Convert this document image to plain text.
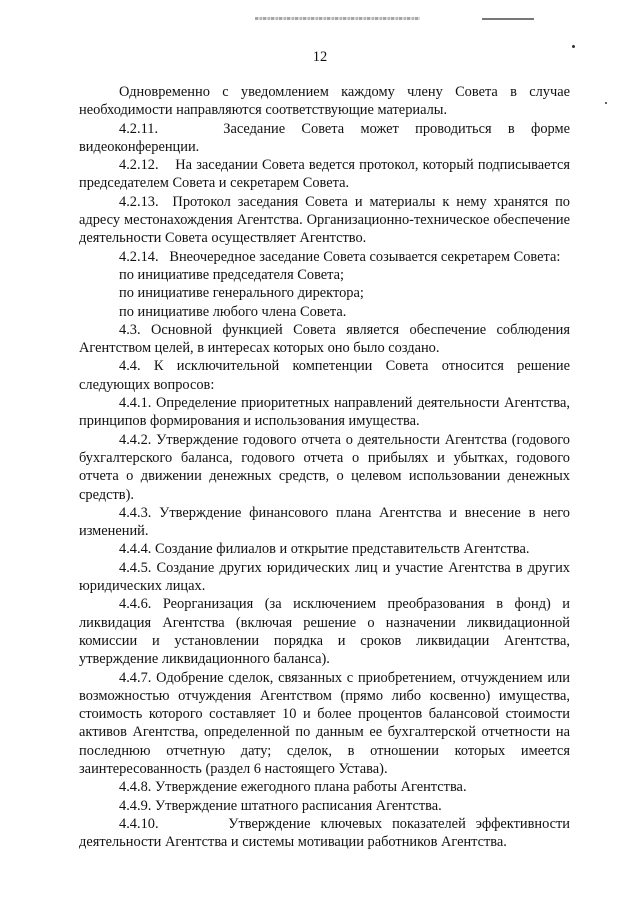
12

Одновременно с уведомлением каждому члену Совета в случае необходимости направляются соответствующие материалы.

4.2.11.    Заседание Совета может проводиться в форме видеоконференции.

4.2.12.    На заседании Совета ведется протокол, который подписывается председателем Совета и секретарем Совета.

4.2.13.  Протокол заседания Совета и материалы к нему хранятся по адресу местонахождения Агентства. Организационно-техническое обеспечение деятельности Совета осуществляет Агентство.

4.2.14.   Внеочередное заседание Совета созывается секретарем Совета:

по инициативе председателя Совета;

по инициативе генерального директора;

по инициативе любого члена Совета.

4.3. Основной функцией Совета является обеспечение соблюдения Агентством целей, в интересах которых оно было создано.

4.4. К исключительной компетенции Совета относится решение следующих вопросов:

4.4.1. Определение приоритетных направлений деятельности Агентства, принципов формирования и использования имущества.

4.4.2. Утверждение годового отчета о деятельности Агентства (годового бухгалтерского баланса, годового отчета о прибылях и убытках, годового отчета о движении денежных средств, о целевом использовании денежных средств).

4.4.3. Утверждение финансового плана Агентства и внесение в него изменений.

4.4.4. Создание филиалов и открытие представительств Агентства.

4.4.5. Создание других юридических лиц и участие Агентства в других юридических лицах.

4.4.6. Реорганизация (за исключением преобразования в фонд) и ликвидация Агентства (включая решение о назначении ликвидационной комиссии и установлении порядка и сроков ликвидации Агентства, утверждение ликвидационного баланса).

4.4.7. Одобрение сделок, связанных с приобретением, отчуждением или возможностью отчуждения Агентством (прямо либо косвенно) имущества, стоимость которого составляет 10 и более процентов балансовой стоимости активов Агентства, определенной по данным ее бухгалтерской отчетности на последнюю отчетную дату; сделок, в отношении которых имеется заинтересованность (раздел 6 настоящего Устава).

4.4.8. Утверждение ежегодного плана работы Агентства.

4.4.9. Утверждение штатного расписания Агентства.

4.4.10.       Утверждение ключевых показателей эффективности деятельности Агентства и системы мотивации работников Агентства.
